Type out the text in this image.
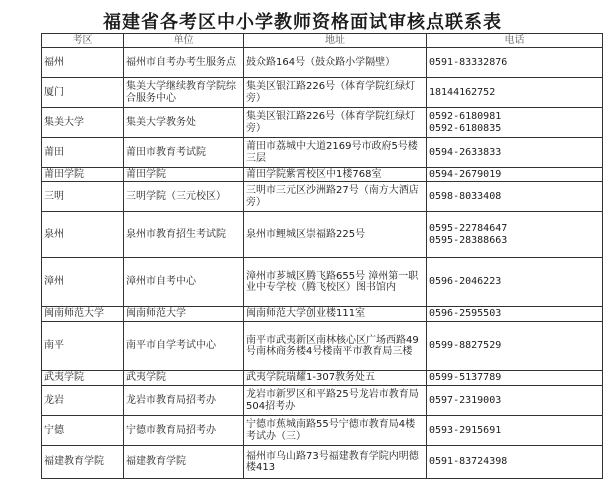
福建省各考区中小学教师资格面试审核点联系表
考区	单位	地址	电话
福州	福州市自考办考生服务点	鼓众路164号（鼓众路小学隔壁）	0591-83332876
厦门	集美大学继续教育学院综合服务中心	集美区银江路226号（体育学院红绿灯旁）	18144162752
集美大学	集美大学教务处	集美区银江路226号（体育学院红绿灯旁）	0592-6180981
0592-6180835
莆田	莆田市教育考试院	莆田市荔城中大道2169号市政府5号楼三层	0594-2633833
莆田学院	莆田学院	莆田学院紫霄校区中1楼768室	0594-2679019
三明	三明学院（三元校区）	三明市三元区沙洲路27号（南方大酒店旁）	0598-8033408
泉州	泉州市教育招生考试院	泉州市鲤城区崇福路225号	0595-22784647
0595-28388663
漳州	漳州市自考中心	漳州市芗城区腾飞路655号 漳州第一职业中专学校（腾飞校区）图书馆内	0596-2046223
闽南师范大学	闽南师范大学	闽南师范大学创业楼111室	0596-2595503
南平	南平市自学考试中心	南平市武夷新区南林核心区广场西路49号南林商务楼4号楼南平市教育局三楼	0599-8827529
武夷学院	武夷学院	武夷学院瑞耀1-307教务处五	0599-5137789
龙岩	龙岩市教育局招考办	龙岩市新罗区和平路25号龙岩市教育局504招考办	0597-2319003
宁德	宁德市教育局招考办	宁德市蕉城南路55号宁德市教育局4楼考试办（三）	0593-2915691
福建教育学院	福建教育学院	福州市乌山路73号福建教育学院内明德楼413	0591-83724398
